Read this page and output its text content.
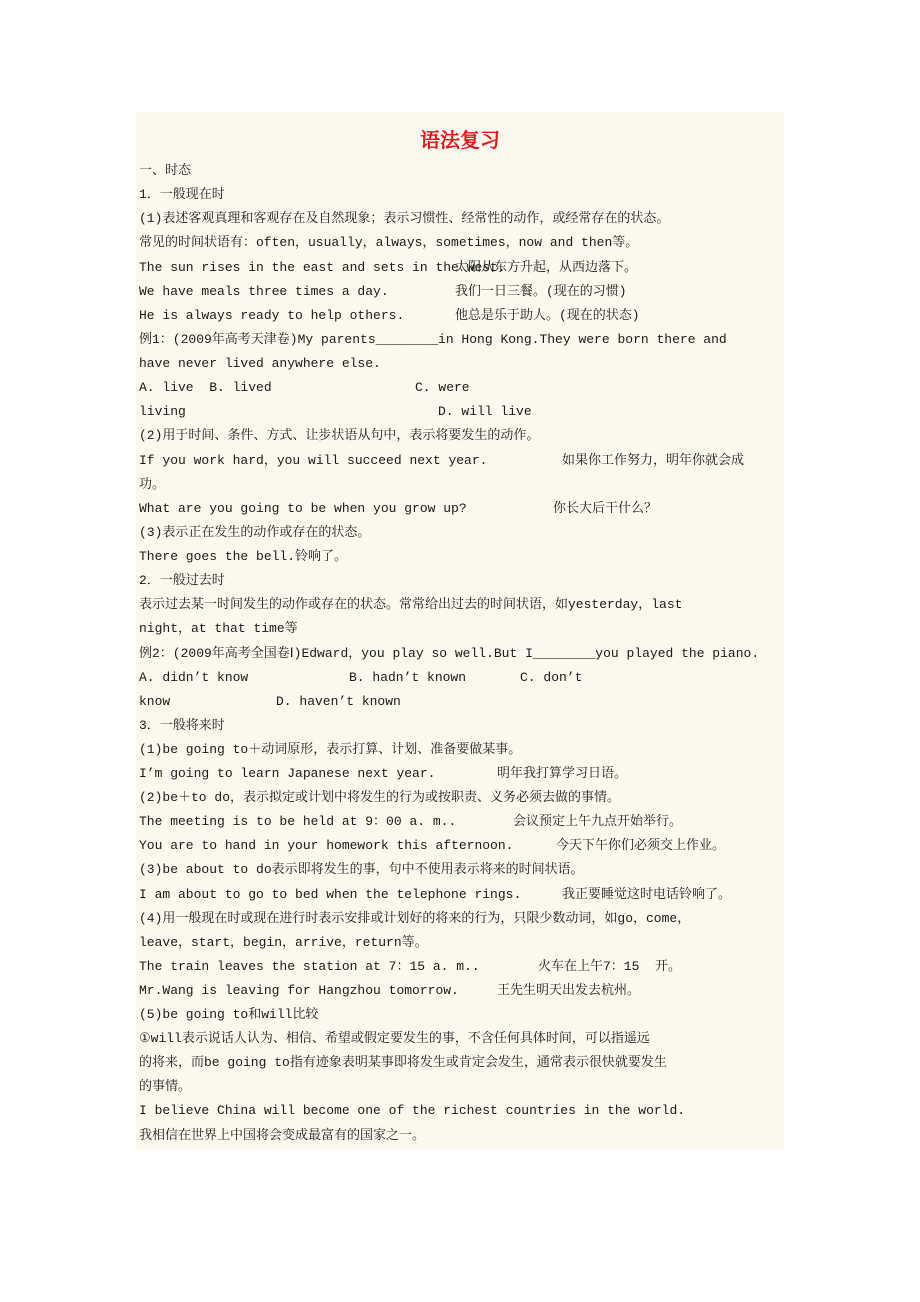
语法复习
一、时态
1．一般现在时
(1)表述客观真理和客观存在及自然现象；表示习惯性、经常性的动作，或经常存在的状态。
常见的时间状语有：often，usually，always，sometimes，now and then等。
The sun rises in the east and sets in the west.
太阳从东方升起，从西边落下。
We have meals three times a day.	我们一日三餐。(现在的习惯)
He is always ready to help others.	他总是乐于助人。(现在的状态)
例1：(2009年高考天津卷)My parents________in Hong Kong.They were born there and
have never lived anywhere else.
A. live  B. lived	C. were
living	D. will live
(2)用于时间、条件、方式、让步状语从句中，表示将要发生的动作。
If you work hard，you will succeed next year.	如果你工作努力，明年你就会成
功。
What are you going to be when you grow up?	你长大后干什么？
(3)表示正在发生的动作或存在的状态。
There goes the bell.铃响了。
2．一般过去时
表示过去某一时间发生的动作或存在的状态。常常给出过去的时间状语，如yesterday，last
night，at that time等
例2：(2009年高考全国卷Ⅰ)Edward，you play so well.But I________you played the piano.
A. didn’t know	B. hadn’t known	C. don’t
know	D. haven’t known
3．一般将来时
(1)be going to＋动词原形，表示打算、计划、准备要做某事。
I’m going to learn Japanese next year.	明年我打算学习日语。
(2)be＋to do，表示拟定或计划中将发生的行为或按职责、义务必须去做的事情。
The meeting is to be held at 9：00 a. m..	会议预定上午九点开始举行。
You are to hand in your homework this afternoon.	今天下午你们必须交上作业。
(3)be about to do表示即将发生的事，句中不使用表示将来的时间状语。
I am about to go to bed when the telephone rings.	我正要睡觉这时电话铃响了。
(4)用一般现在时或现在进行时表示安排或计划好的将来的行为，只限少数动词，如go，come，
leave，start，begin，arrive，return等。
The train leaves the station at 7：15 a. m..	火车在上午7：15  开。
Mr.Wang is leaving for Hangzhou tomorrow.	王先生明天出发去杭州。
(5)be going to和will比较
①will表示说话人认为、相信、希望或假定要发生的事，不含任何具体时间，可以指遥远
的将来，而be going to指有迹象表明某事即将发生或肯定会发生，通常表示很快就要发生
的事情。
I believe China will become one of the richest countries in the world.
我相信在世界上中国将会变成最富有的国家之一。
